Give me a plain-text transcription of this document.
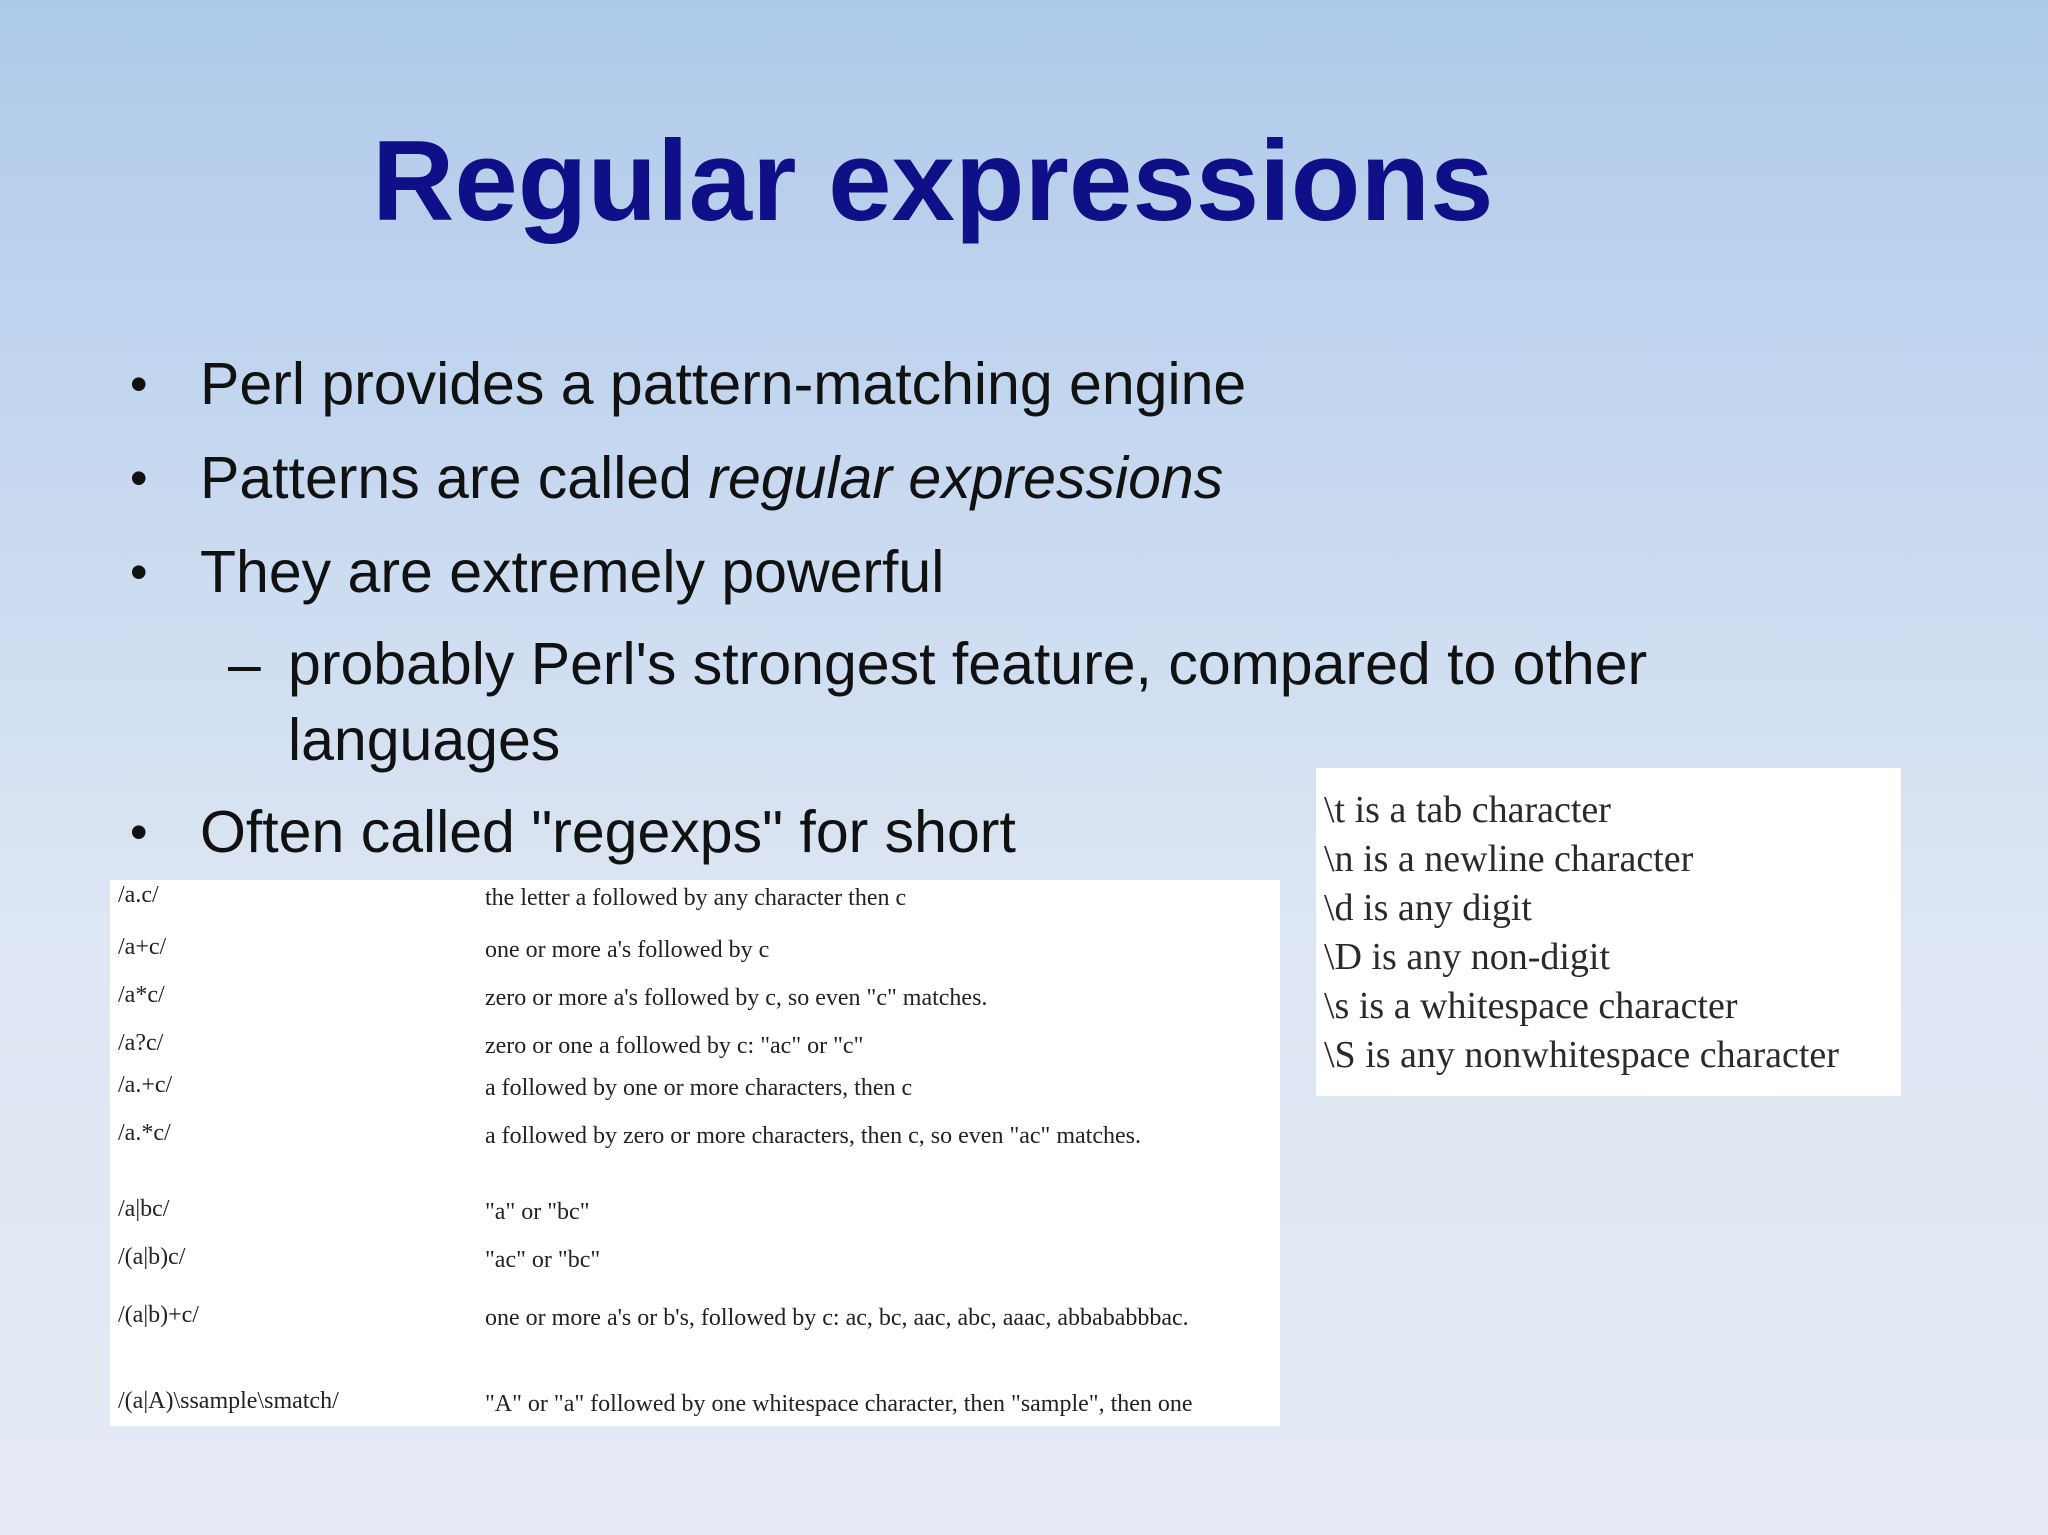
Regular expressions
• Perl provides a pattern-matching engine
• Patterns are called regular expressions
• They are extremely powerful
– probably Perl's strongest feature, compared to other languages
• Often called "regexps" for short
/a.c/	the letter a followed by any character then c
/a+c/	one or more a's followed by c
/a*c/	zero or more a's followed by c, so even "c" matches.
/a?c/	zero or one a followed by c: "ac" or "c"
/a.+c/	a followed by one or more characters, then c
/a.*c/	a followed by zero or more characters, then c, so even "ac" matches.
/a|bc/	"a" or "bc"
/(a|b)c/	"ac" or "bc"
/(a|b)+c/	one or more a's or b's, followed by c: ac, bc, aac, abc, aaac, abbababbbac.
/(a|A)\ssample\smatch/	"A" or "a" followed by one whitespace character, then "sample", then one
\t is a tab character
\n is a newline character
\d is any digit
\D is any non-digit
\s is a whitespace character
\S is any nonwhitespace character
